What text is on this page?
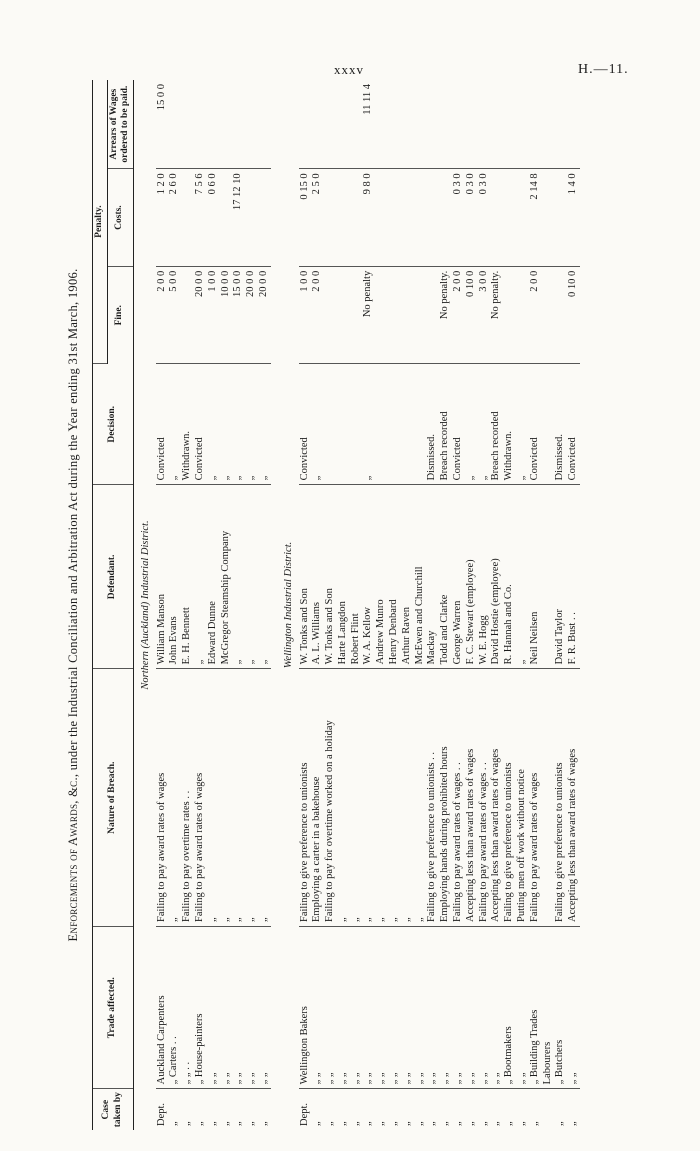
xxxv	H.—11.
Enforcements of Awards, &c., under the Industrial Conciliation and Arbitration Act during the Year ending 31st March, 1906.
Case taken by	Trade affected.	Nature of Breach.	Defendant.	Decision.	Penalty.		
					Fine.	Costs.	Arrears of Wages ordered to be paid.
Northern (Auckland) Industrial District.							
Dept.	Auckland Carpenters	Failing to pay award rates of wages	William Manson	Convicted	2 0 0	1 2 0	15 0 0
„	„ Carters . .	„	John Evans	„	5 0 0	2 6 0	
„	„ „ . .	Failing to pay overtime rates . .	E. H. Bennett	Withdrawn.			
„	„ House-painters	Failing to pay award rates of wages	„	Convicted	20 0 0	7 5 6	
„	„ „	„	Edward Dunne	„	1 0 0	0 6 0	
„	„ „	„	McGregor Steamship Company	„	10 0 0		
„	„ „	„	„	„	15 0 0	17 12 10	
„	„ „	„	„	„	20 0 0		
„	„ „	„	„	„	20 0 0		

Wellington Industrial District.							
Dept.	Wellington Bakers	Failing to give preference to unionists	W. Tonks and Son	Convicted	1 0 0	0 15 0	
„	„ „	Employing a carter in a bakehouse	A. L. Williams	„	2 0 0	2 5 0	
„	„ „	Failing to pay for overtime worked on a holiday	W. Tonks and Son				
„	„ „	„	Harte Langdon				
„	„ „	„	Robert Flint				
„	„ „	„	W. A. Kellow	„	No penalty	9 8 0	11 11 4
„	„ „	„	Andrew Munro				
„	„ „	„	Henry Denbard				
„	„ „	„	Arthur Raven				
„	„ „	„	McEwen and Churchill				
„	„ „	Failing to give preference to unionists . .	Mackay	Dismissed.			
„	„ „	Employing hands during prohibited hours	Todd and Clarke	Breach recorded	No penalty.		
„	„ „	Failing to pay award rates of wages . .	George Warren	Convicted	2 0 0	0 3 0	
„	„ „	Accepting less than award rates of wages	F. C. Stewart (employee)	„	0 10 0	0 3 0	
„	„ „	Failing to pay award rates of wages . .	W. E. Hogg	„	3 0 0	0 3 0	
„	„ „	Accepting less than award rates of wages	David Hostie (employee)	Breach recorded	No penalty.		
„	„ Bootmakers	Failing to give preference to unionists	R. Hannah and Co.	Withdrawn.			
„	„ „	Putting men off work without notice	„	„			
„	„ Building Trades	Failing to pay award rates of wages	Neil Neilsen	Convicted	2 0 0	2 14 8	
	Labourers						
„	„ Butchers	Failing to give preference to unionists	David Taylor	Dismissed.			
„	„ „	Accepting less than award rates of wages	F. R. Bust . .	Convicted	0 10 0	1 4 0	
